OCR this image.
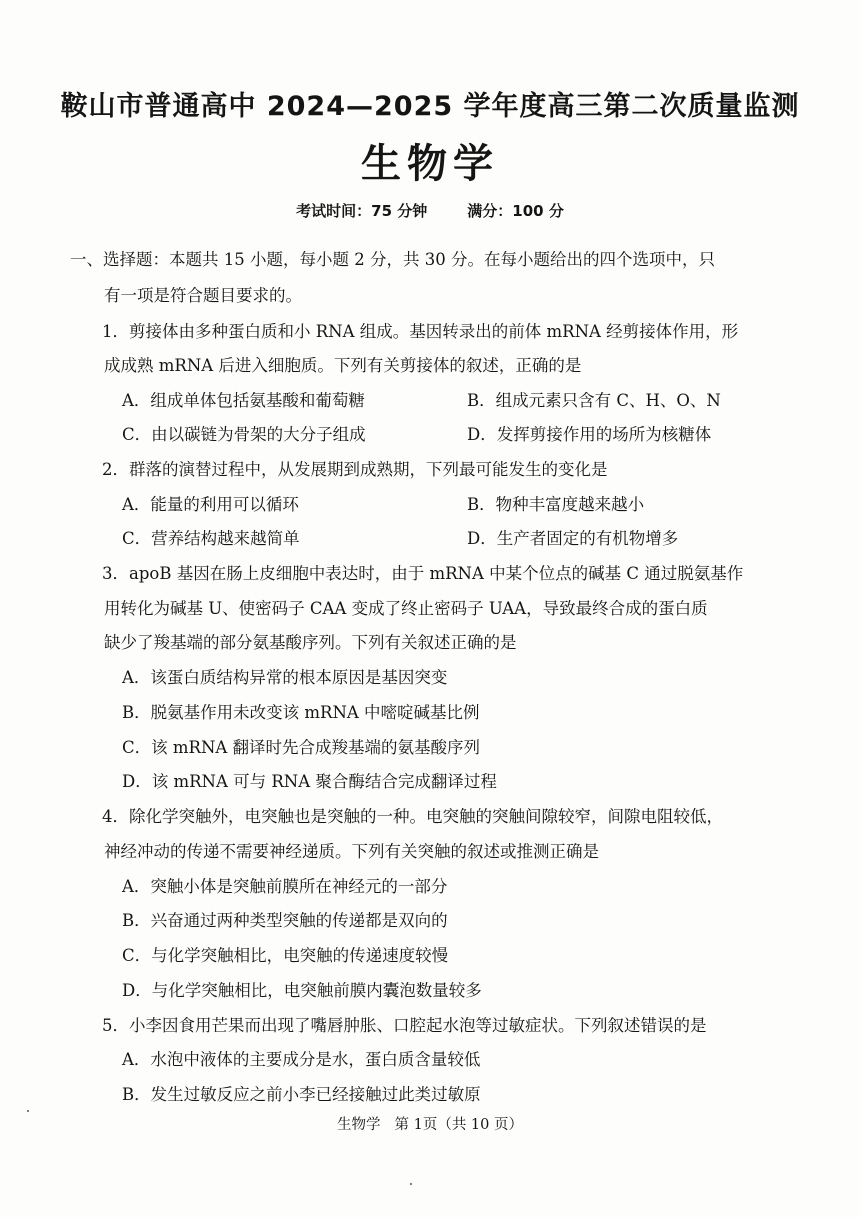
鞍山市普通高中 2024—2025 学年度高三第二次质量监测
生物学
考试时间：75 分钟	满分：100 分
一、选择题：本题共 15 小题，每小题 2 分，共 30 分。在每小题给出的四个选项中，只
有一项是符合题目要求的。
1．剪接体由多种蛋白质和小 RNA 组成。基因转录出的前体 mRNA 经剪接体作用，形
成成熟 mRNA 后进入细胞质。下列有关剪接体的叙述，正确的是
A．组成单体包括氨基酸和葡萄糖	B．组成元素只含有 C、H、O、N
C．由以碳链为骨架的大分子组成	D．发挥剪接作用的场所为核糖体
2．群落的演替过程中，从发展期到成熟期，下列最可能发生的变化是
A．能量的利用可以循环	B．物种丰富度越来越小
C．营养结构越来越简单	D．生产者固定的有机物增多
3．apoB 基因在肠上皮细胞中表达时，由于 mRNA 中某个位点的碱基 C 通过脱氨基作
用转化为碱基 U、使密码子 CAA 变成了终止密码子 UAA，导致最终合成的蛋白质
缺少了羧基端的部分氨基酸序列。下列有关叙述正确的是
A．该蛋白质结构异常的根本原因是基因突变
B．脱氨基作用未改变该 mRNA 中嘧啶碱基比例
C．该 mRNA 翻译时先合成羧基端的氨基酸序列
D．该 mRNA 可与 RNA 聚合酶结合完成翻译过程
4．除化学突触外，电突触也是突触的一种。电突触的突触间隙较窄，间隙电阻较低，
神经冲动的传递不需要神经递质。下列有关突触的叙述或推测正确是
A．突触小体是突触前膜所在神经元的一部分
B．兴奋通过两种类型突触的传递都是双向的
C．与化学突触相比，电突触的传递速度较慢
D．与化学突触相比，电突触前膜内囊泡数量较多
5．小李因食用芒果而出现了嘴唇肿胀、口腔起水泡等过敏症状。下列叙述错误的是
A．水泡中液体的主要成分是水，蛋白质含量较低
B．发生过敏反应之前小李已经接触过此类过敏原
生物学 第 1页（共 10 页）
